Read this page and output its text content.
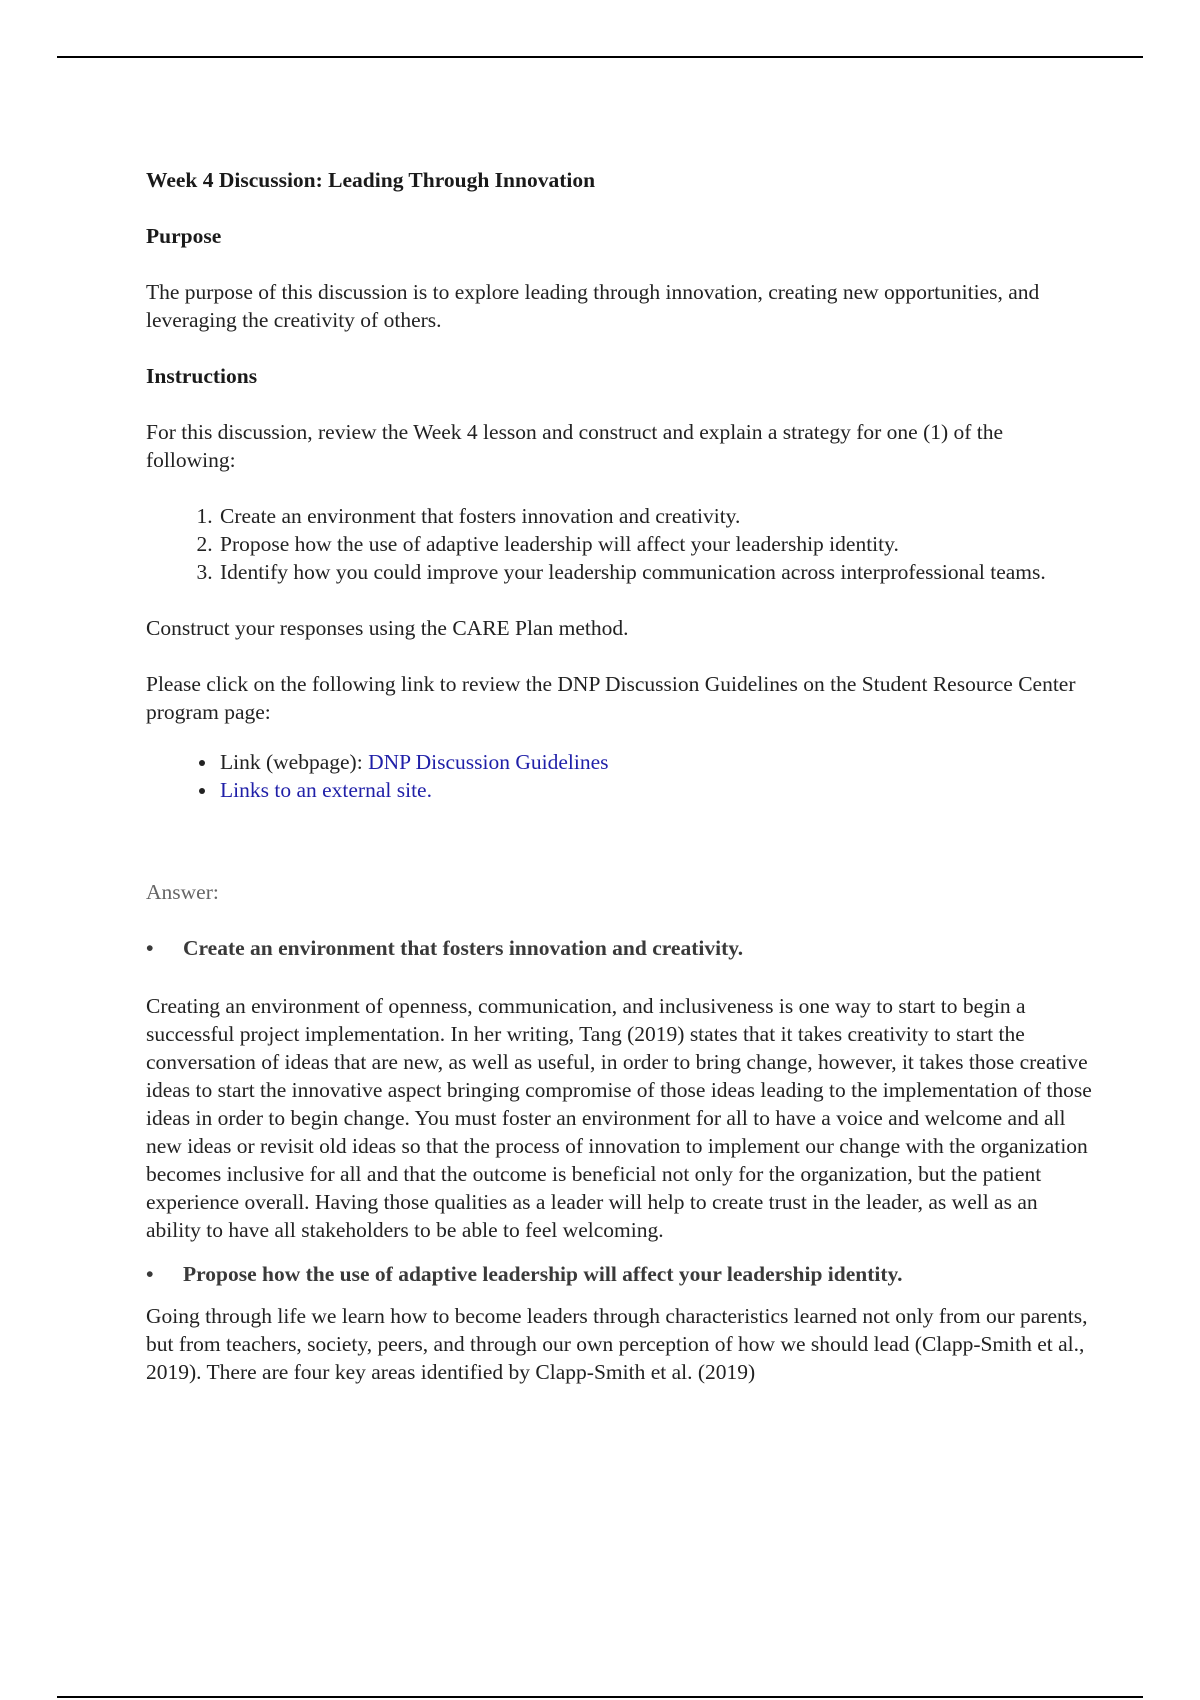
Week 4 Discussion: Leading Through Innovation

Purpose

The purpose of this discussion is to explore leading through innovation, creating new opportunities, and leveraging the creativity of others.

Instructions

For this discussion, review the Week 4 lesson and construct and explain a strategy for one (1) of the following:

1. Create an environment that fosters innovation and creativity.
2. Propose how the use of adaptive leadership will affect your leadership identity.
3. Identify how you could improve your leadership communication across interprofessional teams.

Construct your responses using the CARE Plan method.

Please click on the following link to review the DNP Discussion Guidelines on the Student Resource Center program page:

• Link (webpage): DNP Discussion Guidelines
• Links to an external site.

Answer:

• Create an environment that fosters innovation and creativity.

Creating an environment of openness, communication, and inclusiveness is one way to start to begin a successful project implementation. In her writing, Tang (2019) states that it takes creativity to start the conversation of ideas that are new, as well as useful, in order to bring change, however, it takes those creative ideas to start the innovative aspect bringing compromise of those ideas leading to the implementation of those ideas in order to begin change. You must foster an environment for all to have a voice and welcome and all new ideas or revisit old ideas so that the process of innovation to implement our change with the organization becomes inclusive for all and that the outcome is beneficial not only for the organization, but the patient experience overall. Having those qualities as a leader will help to create trust in the leader, as well as an ability to have all stakeholders to be able to feel welcoming.

• Propose how the use of adaptive leadership will affect your leadership identity.

Going through life we learn how to become leaders through characteristics learned not only from our parents, but from teachers, society, peers, and through our own perception of how we should lead (Clapp-Smith et al., 2019). There are four key areas identified by Clapp-Smith et al. (2019)
